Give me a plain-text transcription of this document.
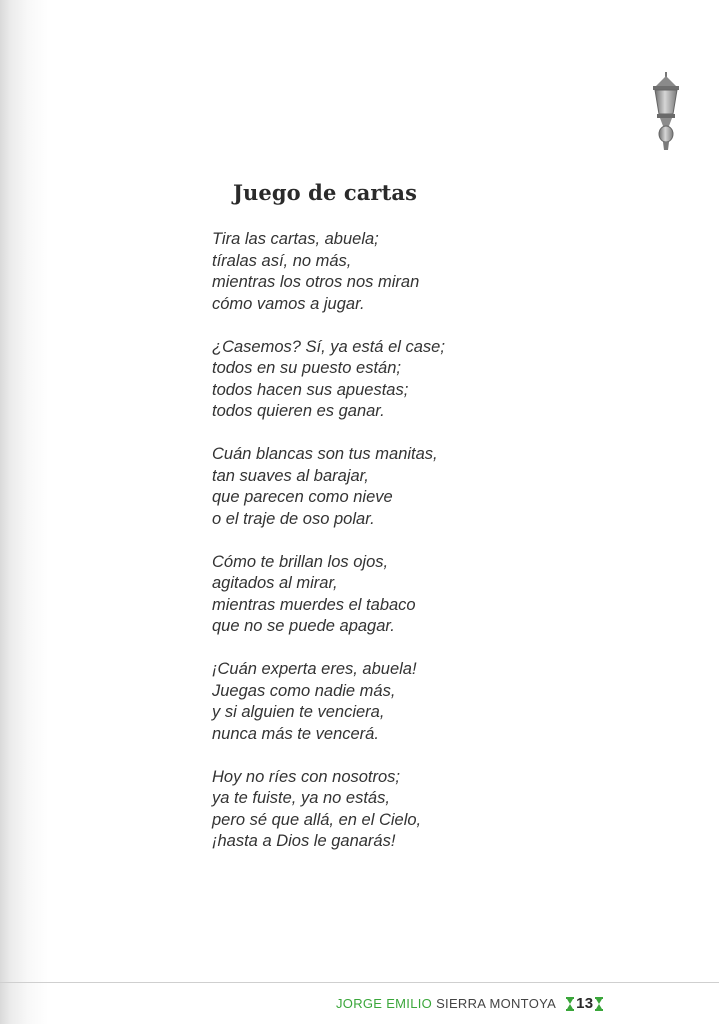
Juego de cartas
Tira las cartas, abuela;
tíralas así, no más,
mientras los otros nos miran
cómo vamos a jugar.
¿Casemos? Sí, ya está el case;
todos en su puesto están;
todos hacen sus apuestas;
todos quieren es ganar.
Cuán blancas son tus manitas,
tan suaves al barajar,
que parecen como nieve
o el traje de oso polar.
Cómo te brillan los ojos,
agitados al mirar,
mientras muerdes el tabaco
que no se puede apagar.
¡Cuán experta eres, abuela!
Juegas como nadie más,
y si alguien te venciera,
nunca más te vencerá.
Hoy no ríes con nosotros;
ya te fuiste, ya no estás,
pero sé que allá, en el Cielo,
¡hasta a Dios le ganarás!
JORGE EMILIO SIERRA MONTOYA 13
